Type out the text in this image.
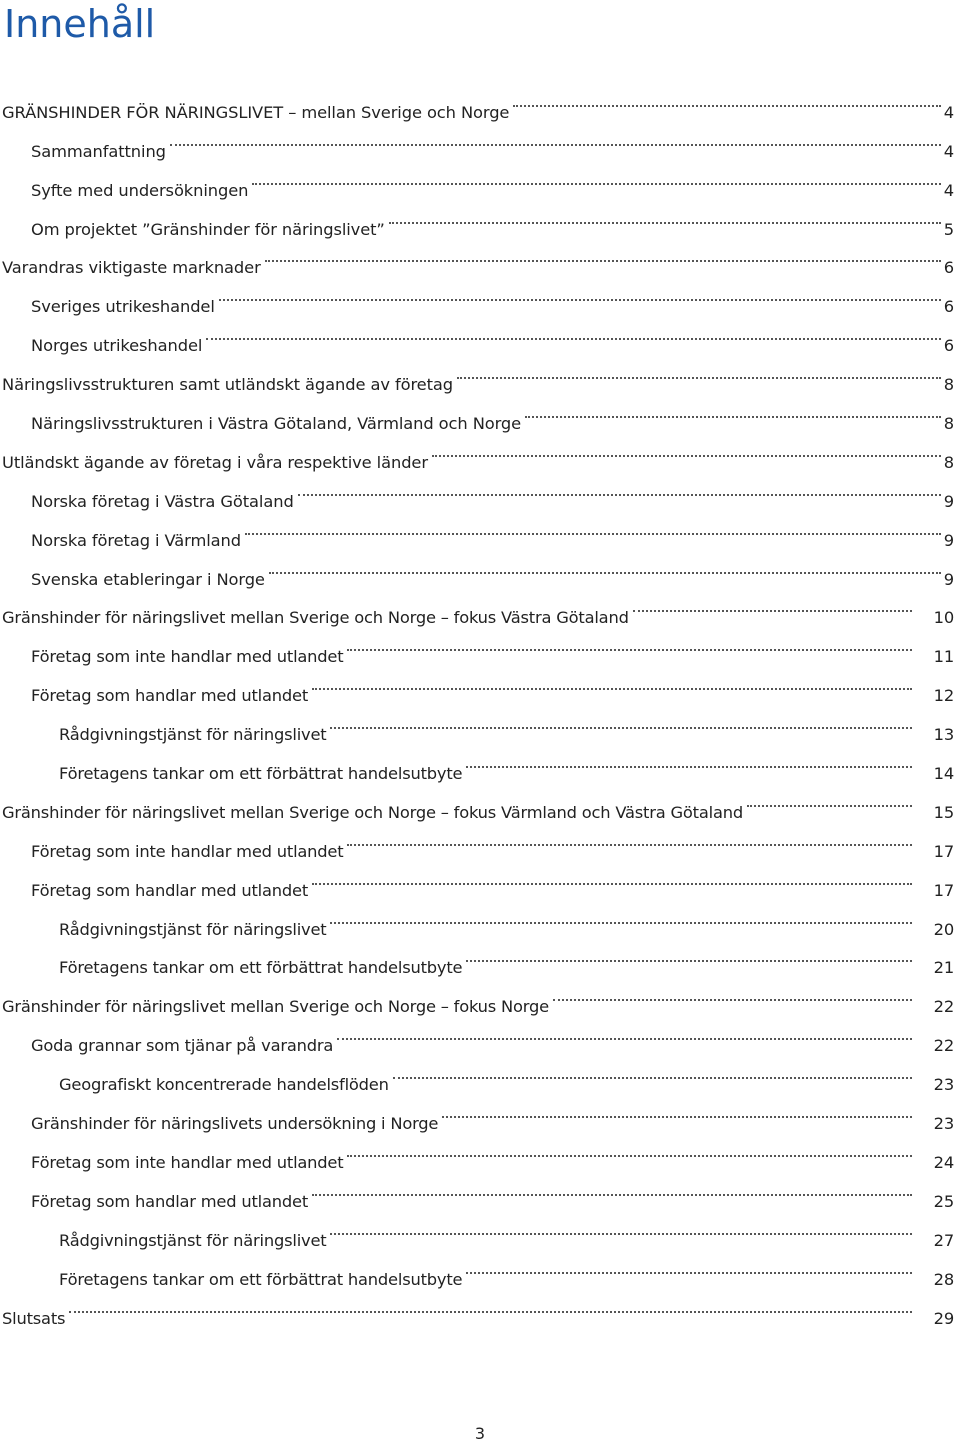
Innehåll
GRÄNSHINDER FÖR NÄRINGSLIVET – mellan Sverige och Norge	4
Sammanfattning	4
Syfte med undersökningen	4
Om projektet ”Gränshinder för näringslivet”	5
Varandras viktigaste marknader	6
Sveriges utrikeshandel	6
Norges utrikeshandel	6
Näringslivsstrukturen samt utländskt ägande av företag	8
Näringslivsstrukturen i Västra Götaland, Värmland och Norge	8
Utländskt ägande av företag i våra respektive länder	8
Norska företag i Västra Götaland	9
Norska företag i Värmland	9
Svenska etableringar i Norge	9
Gränshinder för näringslivet mellan Sverige och Norge – fokus Västra Götaland	10
Företag som inte handlar med utlandet	11
Företag som handlar med utlandet	12
Rådgivningstjänst för näringslivet	13
Företagens tankar om ett förbättrat handelsutbyte	14
Gränshinder för näringslivet mellan Sverige och Norge – fokus Värmland och Västra Götaland	15
Företag som inte handlar med utlandet	17
Företag som handlar med utlandet	17
Rådgivningstjänst för näringslivet	20
Företagens tankar om ett förbättrat handelsutbyte	21
Gränshinder för näringslivet mellan Sverige och Norge – fokus Norge	22
Goda grannar som tjänar på varandra	22
Geografiskt koncentrerade handelsflöden	23
Gränshinder för näringslivets undersökning i Norge	23
Företag som inte handlar med utlandet	24
Företag som handlar med utlandet	25
Rådgivningstjänst för näringslivet	27
Företagens tankar om ett förbättrat handelsutbyte	28
Slutsats	29
3
